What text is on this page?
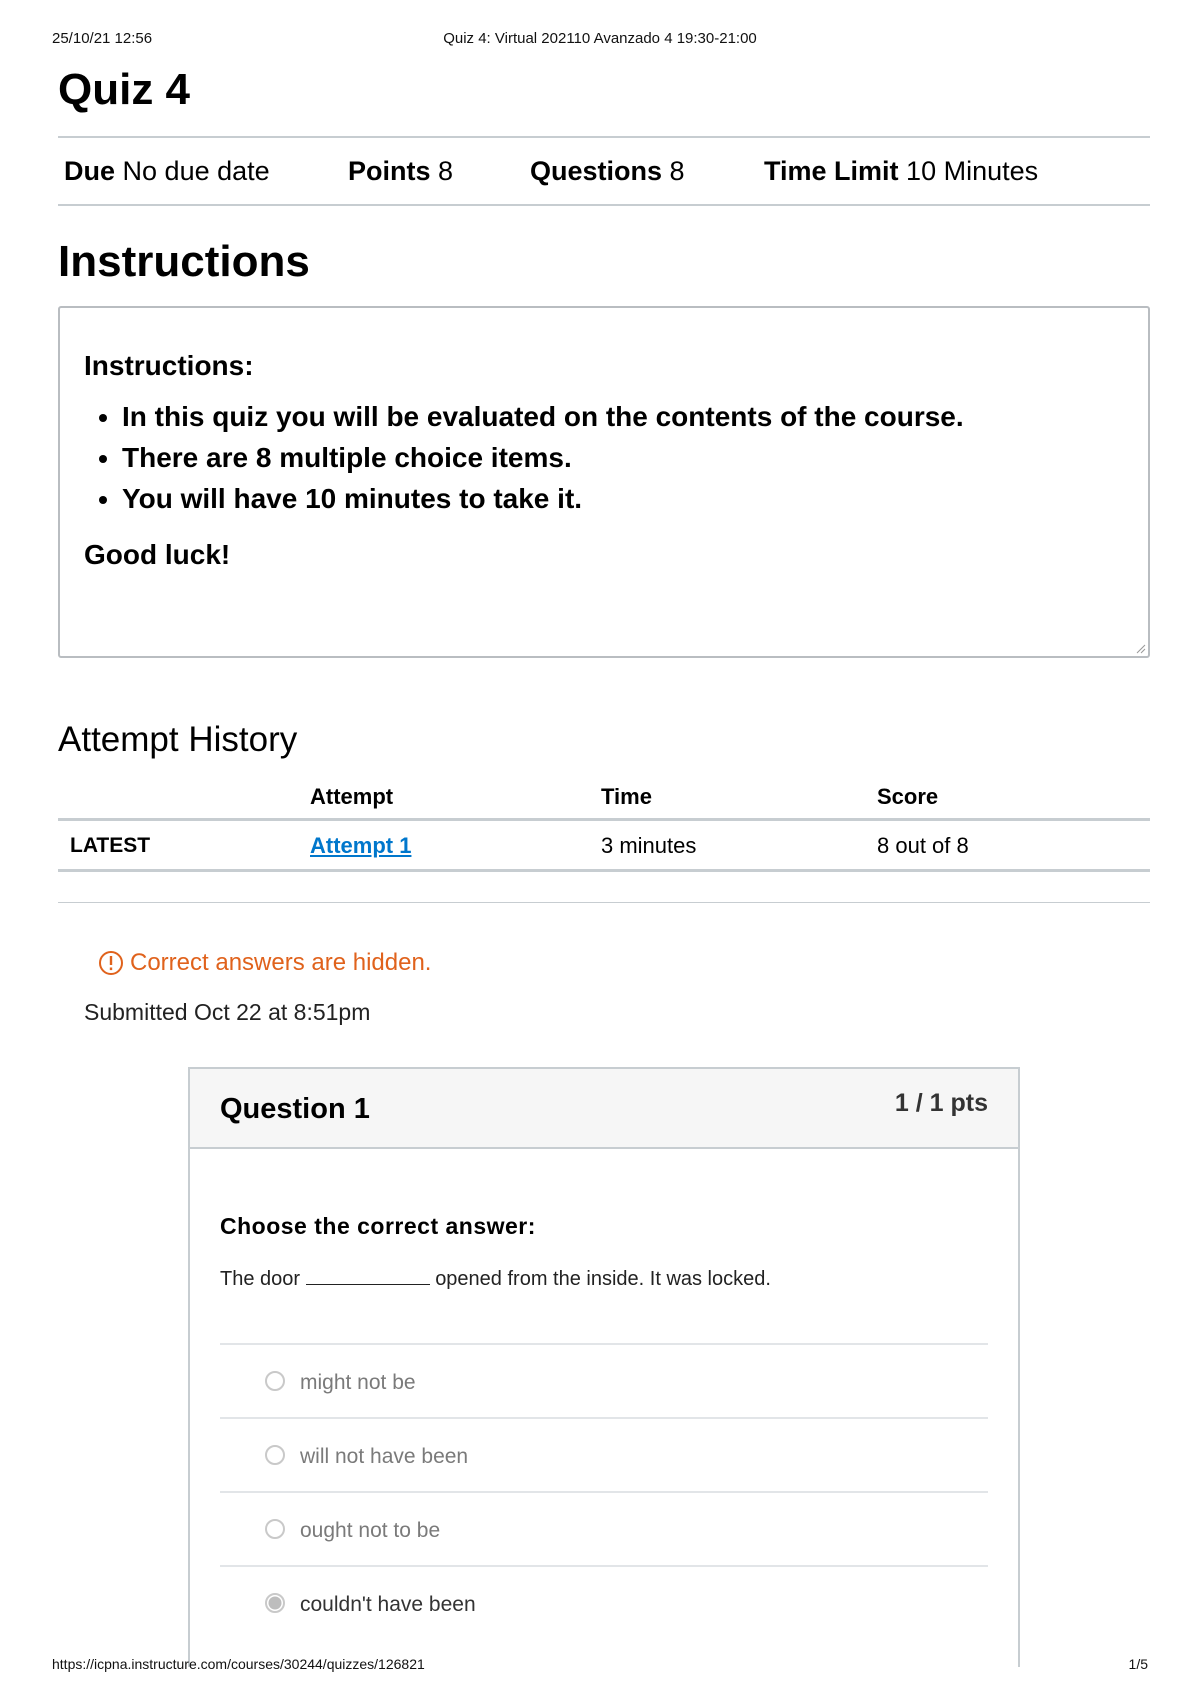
25/10/21 12:56	Quiz 4: Virtual 202110 Avanzado 4 19:30-21:00
Quiz 4
Due No due date	Points 8	Questions 8	Time Limit 10 Minutes
Instructions

Instructions:

• In this quiz you will be evaluated on the contents of the course.
• There are 8 multiple choice items.
• You will have 10 minutes to take it.

Good luck!

Attempt History
	Attempt	Time	Score
LATEST	Attempt 1	3 minutes	8 out of 8
Correct answers are hidden.
Submitted Oct 22 at 8:51pm
Question 1	1 / 1 pts
Choose the correct answer:
The door	opened from the inside. It was locked.
might not be
will not have been
ought not to be
couldn't have been
https://icpna.instructure.com/courses/30244/quizzes/126821	1/5
